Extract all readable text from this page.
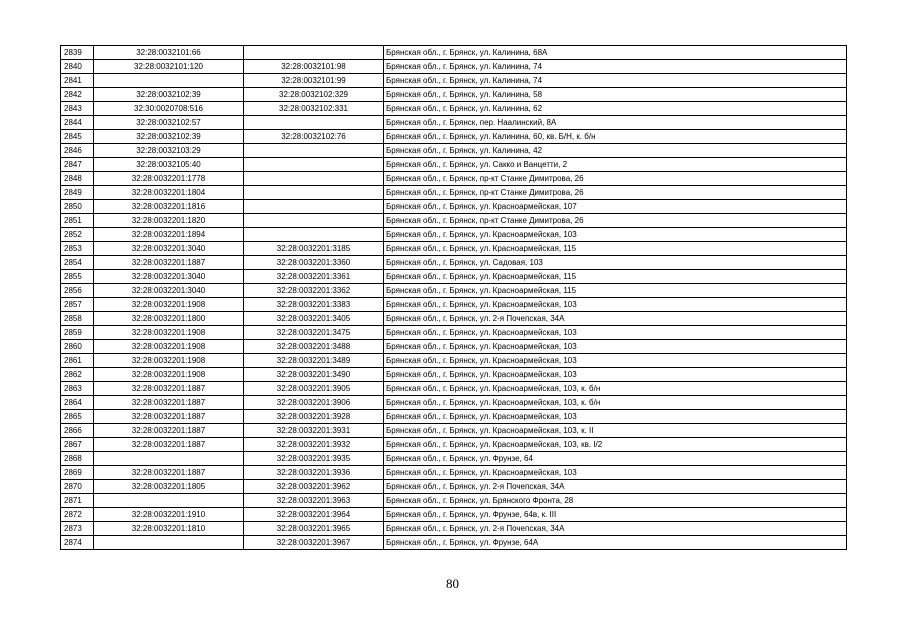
2839	32:28:0032101:66		Брянская обл., г. Брянск, ул. Калинина, 68А
2840	32:28:0032101:120	32:28:0032101:98	Брянская обл., г. Брянск, ул. Калинина, 74
2841		32:28:0032101:99	Брянская обл., г. Брянск, ул. Калинина, 74
2842	32:28:0032102:39	32:28:0032102:329	Брянская обл., г. Брянск, ул. Калинина, 58
2843	32:30:0020708:516	32:28:0032102:331	Брянская обл., г. Брянск, ул. Калинина, 62
2844	32:28:0032102:57		Брянская обл., г. Брянск, пер. Наалинский, 8А
2845	32:28:0032102:39	32:28:0032102:76	Брянская обл., г. Брянск, ул. Калинина, 60, кв. Б/Н, к. б/н
2846	32:28:0032103:29		Брянская обл., г. Брянск, ул. Калинина, 42
2847	32:28:0032105:40		Брянская обл., г. Брянск, ул. Сакко и Ванцетти, 2
2848	32:28:0032201:1778		Брянская обл., г. Брянск, пр-кт Станке Димитрова, 26
2849	32:28:0032201:1804		Брянская обл., г. Брянск, пр-кт Станке Димитрова, 26
2850	32:28:0032201:1816		Брянская обл., г. Брянск, ул. Красноармейская, 107
2851	32:28:0032201:1820		Брянская обл., г. Брянск, пр-кт Станке Димитрова, 26
2852	32:28:0032201:1894		Брянская обл., г. Брянск, ул. Красноармейская, 103
2853	32:28:0032201:3040	32:28:0032201:3185	Брянская обл., г. Брянск, ул. Красноармейская, 115
2854	32:28:0032201:1887	32:28:0032201:3360	Брянская обл., г. Брянск, ул. Садовая, 103
2855	32:28:0032201:3040	32:28:0032201:3361	Брянская обл., г. Брянск, ул. Красноармейская, 115
2856	32:28:0032201:3040	32:28:0032201:3362	Брянская обл., г. Брянск, ул. Красноармейская, 115
2857	32:28:0032201:1908	32:28:0032201:3383	Брянская обл., г. Брянск, ул. Красноармейская, 103
2858	32:28:0032201:1800	32:28:0032201:3405	Брянская обл., г. Брянск, ул. 2-я Почепская, 34А
2859	32:28:0032201:1908	32:28:0032201:3475	Брянская обл., г. Брянск, ул. Красноармейская, 103
2860	32:28:0032201:1908	32:28:0032201:3488	Брянская обл., г. Брянск, ул. Красноармейская, 103
2861	32:28:0032201:1908	32:28:0032201:3489	Брянская обл., г. Брянск, ул. Красноармейская, 103
2862	32:28:0032201:1908	32:28:0032201:3490	Брянская обл., г. Брянск, ул. Красноармейская, 103
2863	32:28:0032201:1887	32:28:0032201:3905	Брянская обл., г. Брянск, ул. Красноармейская, 103, к. б/н
2864	32:28:0032201:1887	32:28:0032201:3906	Брянская обл., г. Брянск, ул. Красноармейская, 103, к. б/н
2865	32:28:0032201:1887	32:28:0032201:3928	Брянская обл., г. Брянск, ул. Красноармейская, 103
2866	32:28:0032201:1887	32:28:0032201:3931	Брянская обл., г. Брянск, ул. Красноармейская, 103, к. II
2867	32:28:0032201:1887	32:28:0032201:3932	Брянская обл., г. Брянск, ул. Красноармейская, 103, кв. I/2
2868		32:28:0032201:3935	Брянская обл., г. Брянск, ул. Фрунзе, 64
2869	32:28:0032201:1887	32:28:0032201:3936	Брянская обл., г. Брянск, ул. Красноармейская, 103
2870	32:28:0032201:1805	32:28:0032201:3962	Брянская обл., г. Брянск, ул. 2-я Почепская, 34А
2871		32:28:0032201:3963	Брянская обл., г. Брянск, ул. Брянского Фронта, 28
2872	32:28:0032201:1910	32:28:0032201:3964	Брянская обл., г. Брянск, ул. Фрунзе, 64в, к. III
2873	32:28:0032201:1810	32:28:0032201:3965	Брянская обл., г. Брянск, ул. 2-я Почепская, 34А
2874		32:28:0032201:3967	Брянская обл., г. Брянск, ул. Фрунзе, 64А
80
